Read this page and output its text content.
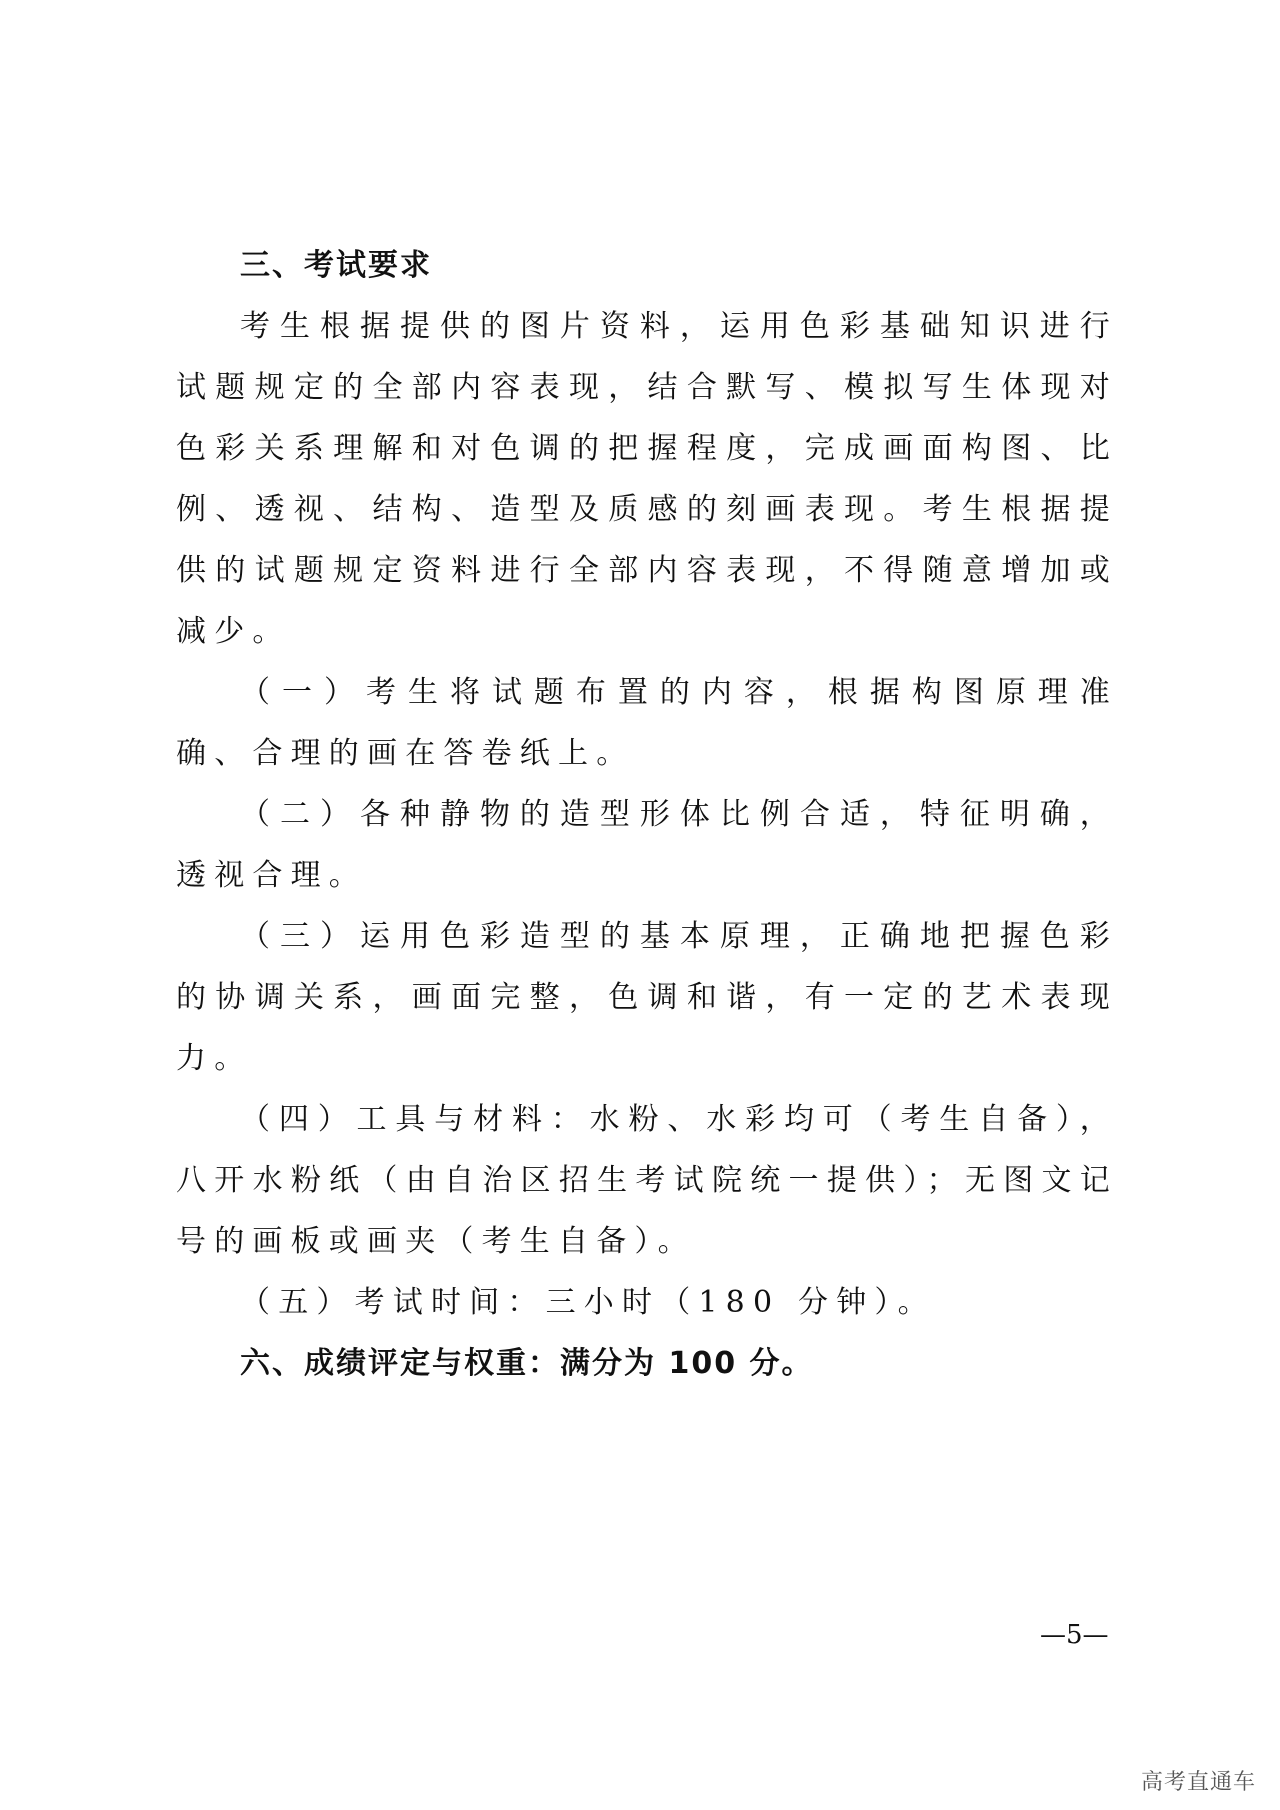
三、考试要求

考生根据提供的图片资料，运用色彩基础知识进行试题规定的全部内容表现，结合默写、模拟写生体现对色彩关系理解和对色调的把握程度，完成画面构图、比例、透视、结构、造型及质感的刻画表现。考生根据提供的试题规定资料进行全部内容表现，不得随意增加或减少。

（一）考生将试题布置的内容，根据构图原理准确、合理的画在答卷纸上。

（二）各种静物的造型形体比例合适，特征明确，透视合理。

（三）运用色彩造型的基本原理，正确地把握色彩的协调关系，画面完整，色调和谐，有一定的艺术表现力。

（四）工具与材料：水粉、水彩均可（考生自备），八开水粉纸（由自治区招生考试院统一提供）；无图文记号的画板或画夹（考生自备）。

（五）考试时间：三小时（180 分钟）。

六、成绩评定与权重：满分为 100 分。

—5—
高考直通车
